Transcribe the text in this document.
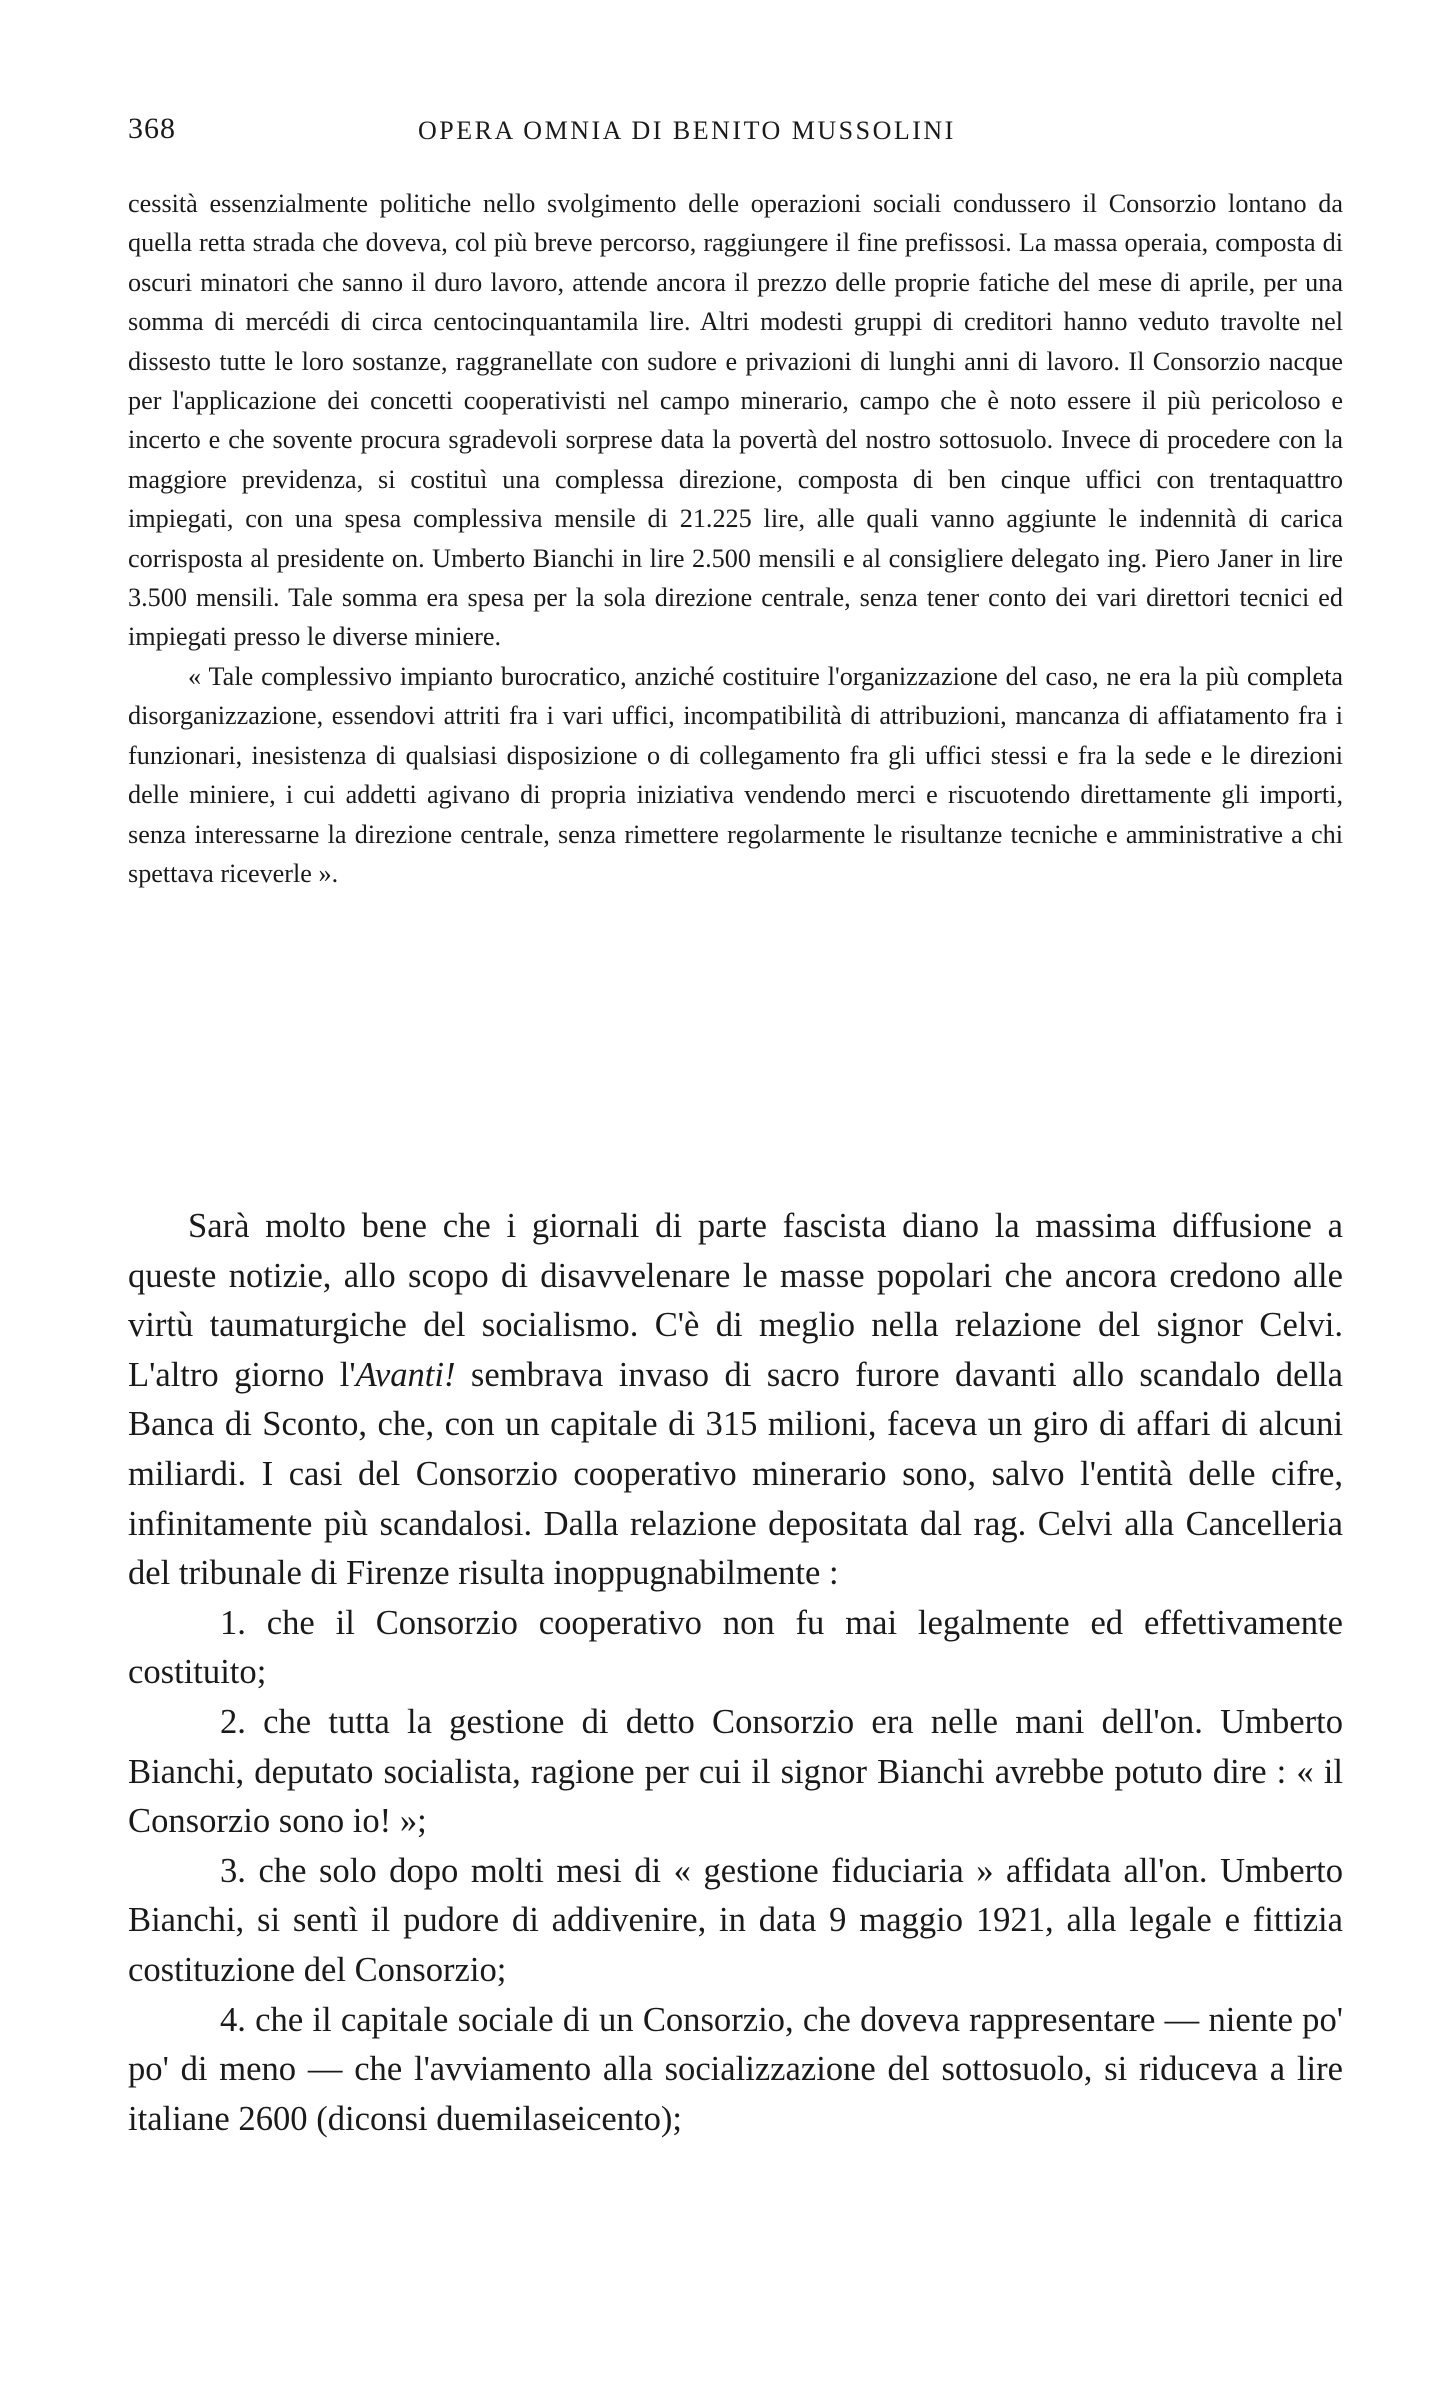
368	OPERA OMNIA DI BENITO MUSSOLINI

cessità essenzialmente politiche nello svolgimento delle operazioni sociali condussero il Consorzio lontano da quella retta strada che doveva, col più breve percorso, raggiungere il fine prefissosi. La massa operaia, composta di oscuri minatori che sanno il duro lavoro, attende ancora il prezzo delle proprie fatiche del mese di aprile, per una somma di mercédi di circa centocinquantamila lire. Altri modesti gruppi di creditori hanno veduto travolte nel dissesto tutte le loro sostanze, raggranellate con sudore e privazioni di lunghi anni di lavoro. Il Consorzio nacque per l'applicazione dei concetti cooperativisti nel campo minerario, campo che è noto essere il più pericoloso e incerto e che sovente procura sgradevoli sorprese data la povertà del nostro sottosuolo. Invece di procedere con la maggiore previdenza, si costituì una complessa direzione, composta di ben cinque uffici con trentaquattro impiegati, con una spesa complessiva mensile di 21.225 lire, alle quali vanno aggiunte le indennità di carica corrisposta al presidente on. Umberto Bianchi in lire 2.500 mensili e al consigliere delegato ing. Piero Janer in lire 3.500 mensili. Tale somma era spesa per la sola direzione centrale, senza tener conto dei vari direttori tecnici ed impiegati presso le diverse miniere.

« Tale complessivo impianto burocratico, anziché costituire l'organizzazione del caso, ne era la più completa disorganizzazione, essendovi attriti fra i vari uffici, incompatibilità di attribuzioni, mancanza di affiatamento fra i funzionari, inesistenza di qualsiasi disposizione o di collegamento fra gli uffici stessi e fra la sede e le direzioni delle miniere, i cui addetti agivano di propria iniziativa vendendo merci e riscuotendo direttamente gli importi, senza interessarne la direzione centrale, senza rimettere regolarmente le risultanze tecniche e amministrative a chi spettava riceverle ».

Sarà molto bene che i giornali di parte fascista diano la massima diffusione a queste notizie, allo scopo di disavvelenare le masse popolari che ancora credono alle virtù taumaturgiche del socialismo. C'è di meglio nella relazione del signor Celvi. L'altro giorno l'Avanti! sembrava invaso di sacro furore davanti allo scandalo della Banca di Sconto, che, con un capitale di 315 milioni, faceva un giro di affari di alcuni miliardi. I casi del Consorzio cooperativo minerario sono, salvo l'entità delle cifre, infinitamente più scandalosi. Dalla relazione depositata dal rag. Celvi alla Cancelleria del tribunale di Firenze risulta inoppugnabilmente :

1. che il Consorzio cooperativo non fu mai legalmente ed effettivamente costituito;

2. che tutta la gestione di detto Consorzio era nelle mani dell'on. Umberto Bianchi, deputato socialista, ragione per cui il signor Bianchi avrebbe potuto dire : « il Consorzio sono io! »;

3. che solo dopo molti mesi di « gestione fiduciaria » affidata all'on. Umberto Bianchi, si sentì il pudore di addivenire, in data 9 maggio 1921, alla legale e fittizia costituzione del Consorzio;

4. che il capitale sociale di un Consorzio, che doveva rappresentare — niente po' po' di meno — che l'avviamento alla socializzazione del sottosuolo, si riduceva a lire italiane 2600 (diconsi duemilaseicento);
